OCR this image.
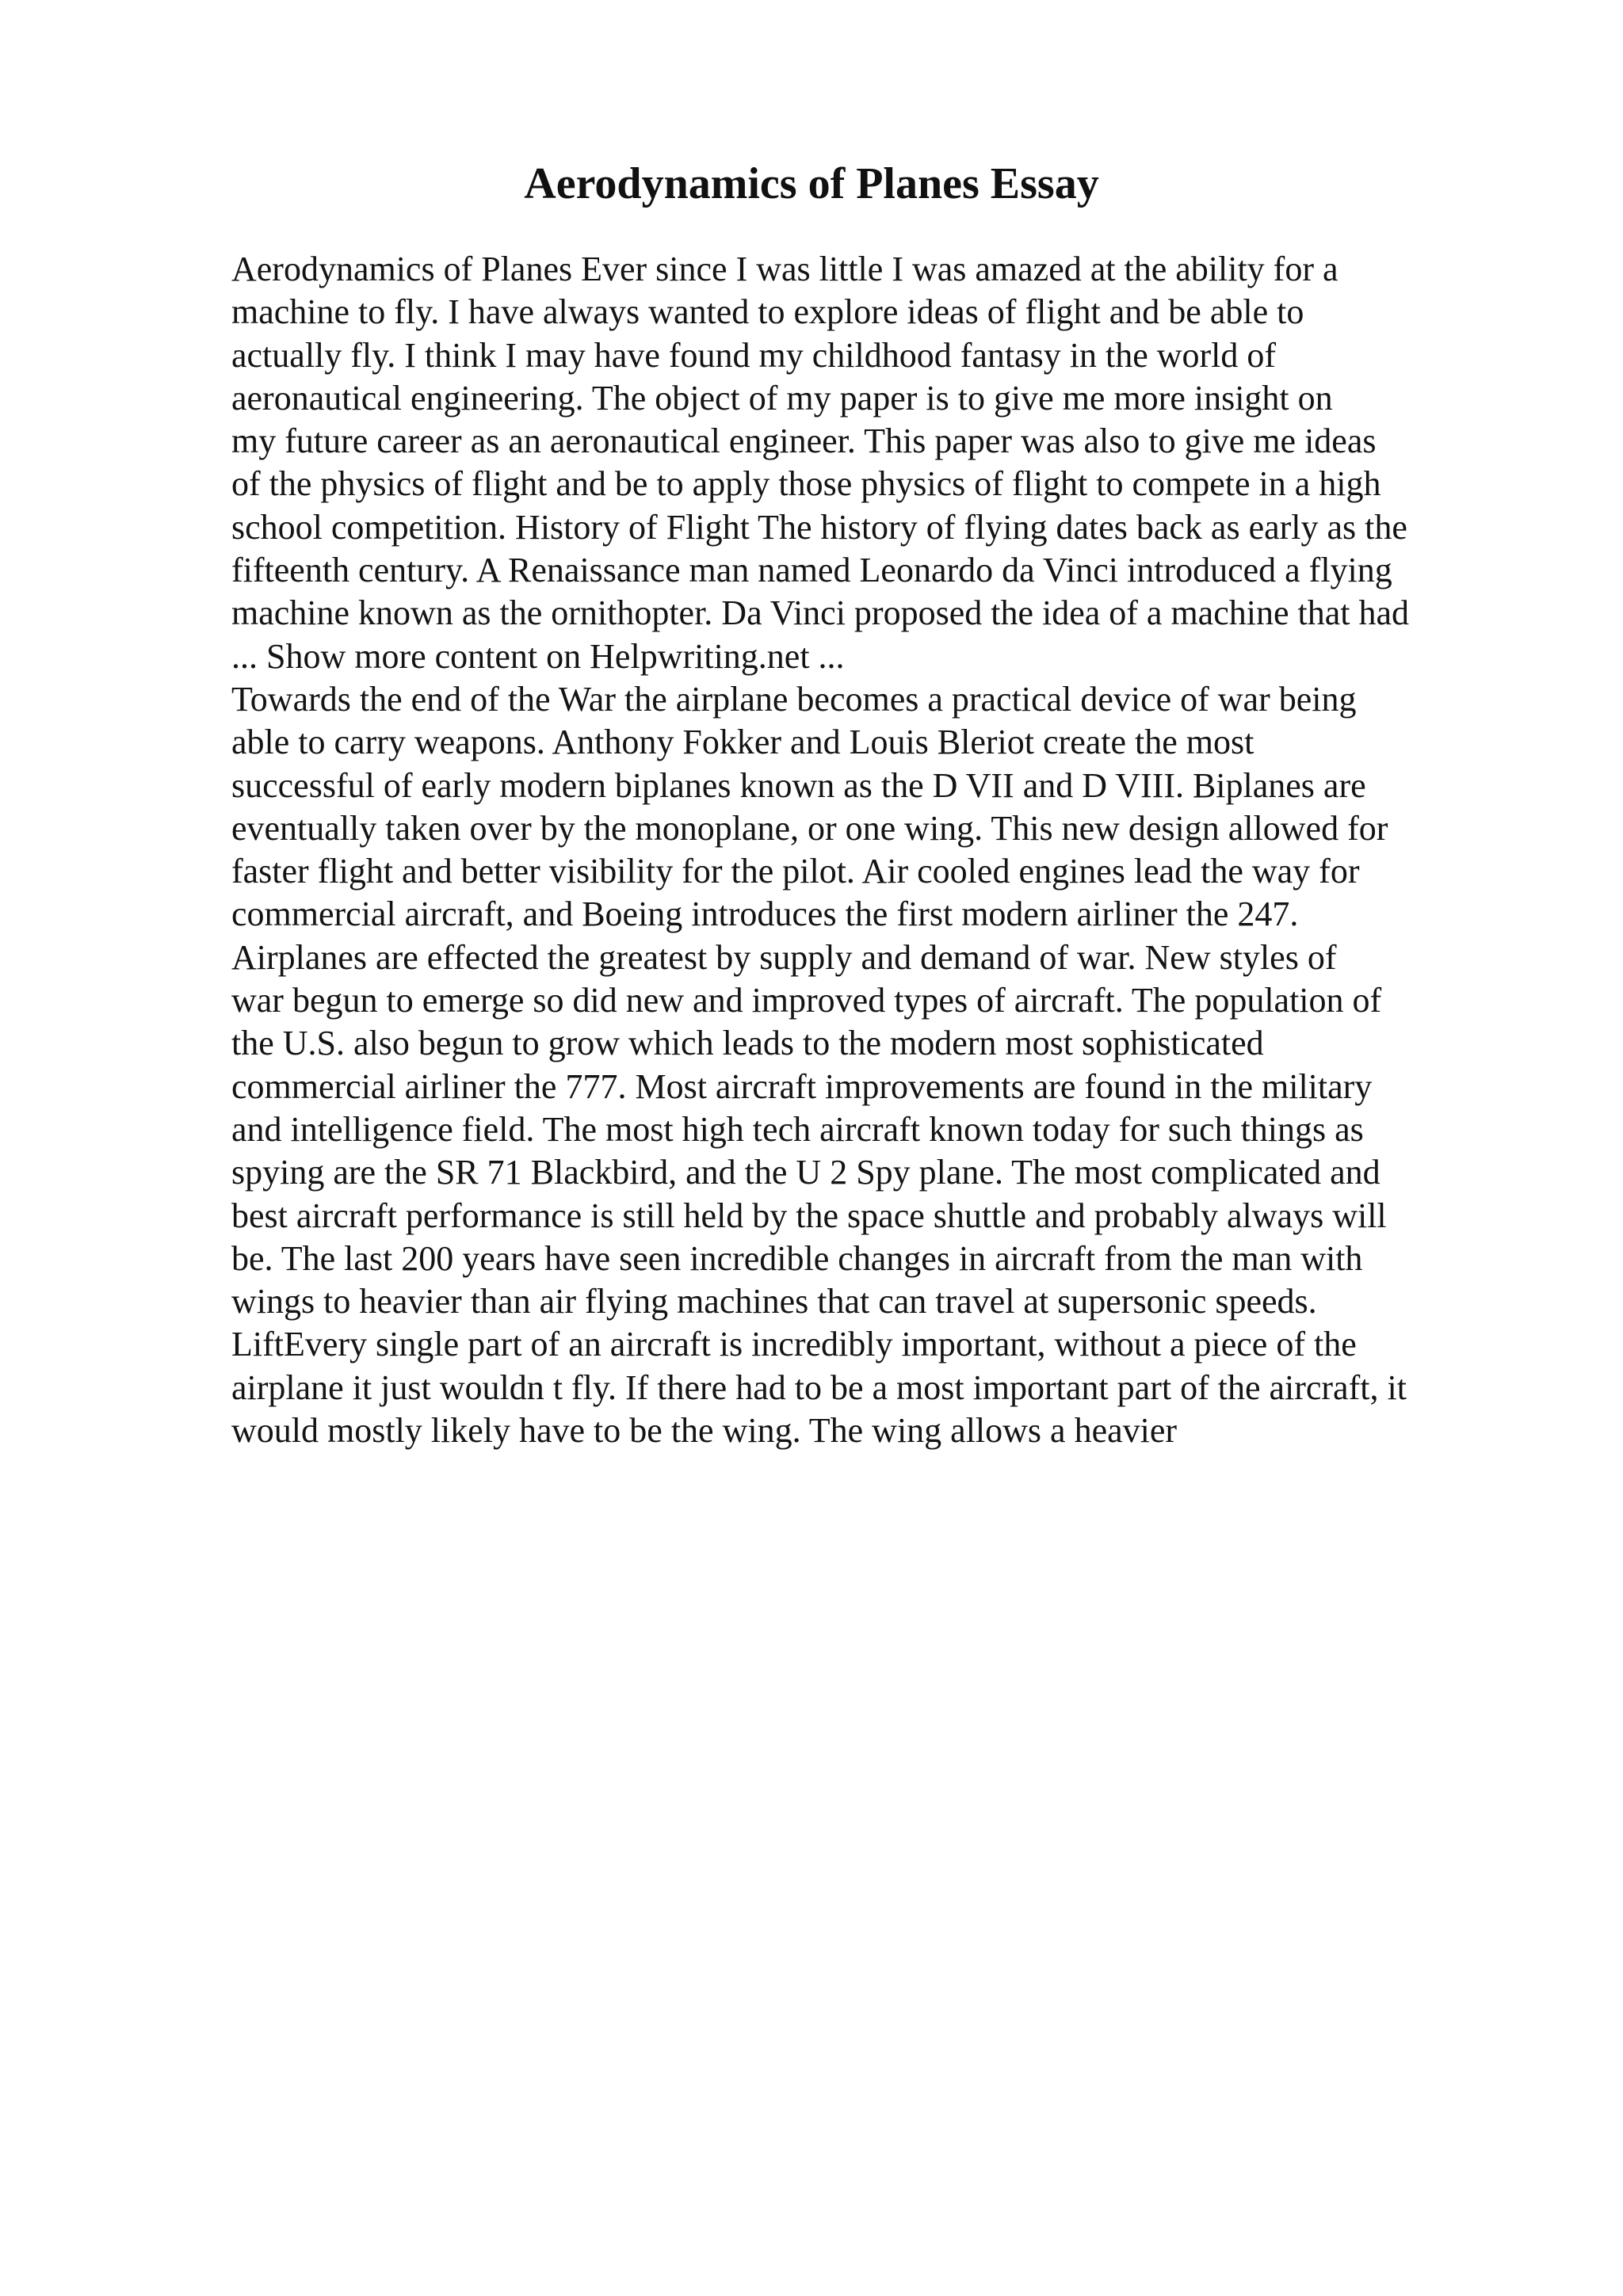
Aerodynamics of Planes Essay
Aerodynamics of Planes Ever since I was little I was amazed at the ability for a
machine to fly. I have always wanted to explore ideas of flight and be able to
actually fly. I think I may have found my childhood fantasy in the world of
aeronautical engineering. The object of my paper is to give me more insight on
my future career as an aeronautical engineer. This paper was also to give me ideas
of the physics of flight and be to apply those physics of flight to compete in a high
school competition. History of Flight The history of flying dates back as early as the
fifteenth century. A Renaissance man named Leonardo da Vinci introduced a flying
machine known as the ornithopter. Da Vinci proposed the idea of a machine that had
... Show more content on Helpwriting.net ...
Towards the end of the War the airplane becomes a practical device of war being
able to carry weapons. Anthony Fokker and Louis Bleriot create the most
successful of early modern biplanes known as the D VII and D VIII. Biplanes are
eventually taken over by the monoplane, or one wing. This new design allowed for
faster flight and better visibility for the pilot. Air cooled engines lead the way for
commercial aircraft, and Boeing introduces the first modern airliner the 247.
Airplanes are effected the greatest by supply and demand of war. New styles of
war begun to emerge so did new and improved types of aircraft. The population of
the U.S. also begun to grow which leads to the modern most sophisticated
commercial airliner the 777. Most aircraft improvements are found in the military
and intelligence field. The most high tech aircraft known today for such things as
spying are the SR 71 Blackbird, and the U 2 Spy plane. The most complicated and
best aircraft performance is still held by the space shuttle and probably always will
be. The last 200 years have seen incredible changes in aircraft from the man with
wings to heavier than air flying machines that can travel at supersonic speeds.
LiftEvery single part of an aircraft is incredibly important, without a piece of the
airplane it just wouldn t fly. If there had to be a most important part of the aircraft, it
would mostly likely have to be the wing. The wing allows a heavier
